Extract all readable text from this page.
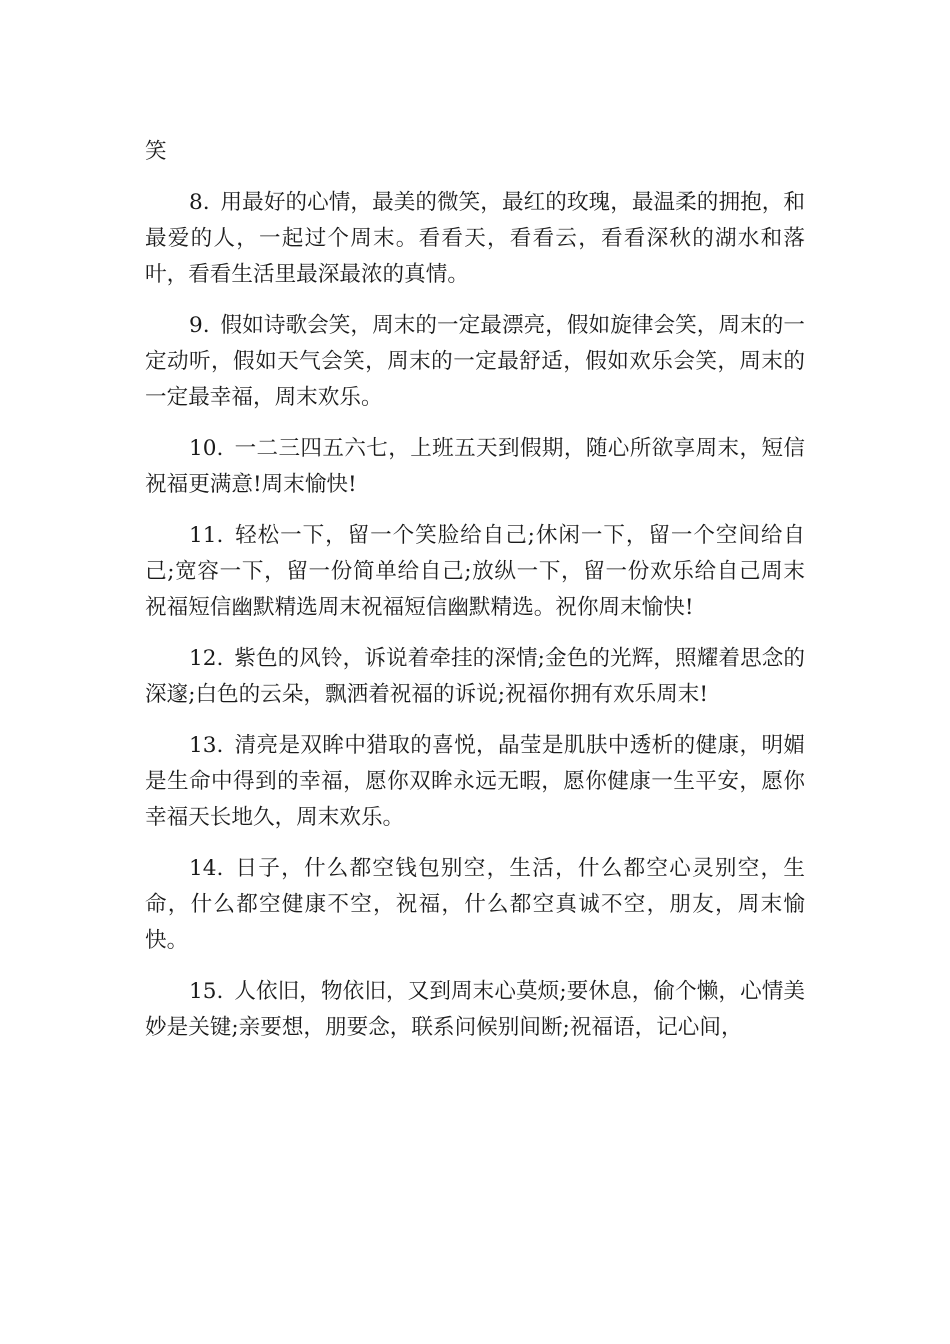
笑

8. 用最好的心情，最美的微笑，最红的玫瑰，最温柔的拥抱，和最爱的人，一起过个周末。看看天，看看云，看看深秋的湖水和落叶，看看生活里最深最浓的真情。

9. 假如诗歌会笑，周末的一定最漂亮，假如旋律会笑，周末的一定动听，假如天气会笑，周末的一定最舒适，假如欢乐会笑，周末的一定最幸福，周末欢乐。

10. 一二三四五六七，上班五天到假期，随心所欲享周末，短信祝福更满意!周末愉快!

11. 轻松一下，留一个笑脸给自己;休闲一下，留一个空间给自己;宽容一下，留一份简单给自己;放纵一下，留一份欢乐给自己周末祝福短信幽默精选周末祝福短信幽默精选。祝你周末愉快!

12. 紫色的风铃，诉说着牵挂的深情;金色的光辉，照耀着思念的深邃;白色的云朵，飘洒着祝福的诉说;祝福你拥有欢乐周末!

13. 清亮是双眸中猎取的喜悦，晶莹是肌肤中透析的健康，明媚是生命中得到的幸福，愿你双眸永远无暇，愿你健康一生平安，愿你幸福天长地久，周末欢乐。

14. 日子，什么都空钱包别空，生活，什么都空心灵别空，生命，什么都空健康不空，祝福，什么都空真诚不空，朋友，周末愉快。

15. 人依旧，物依旧，又到周末心莫烦;要休息，偷个懒，心情美妙是关键;亲要想，朋要念，联系问候别间断;祝福语，记心间，
